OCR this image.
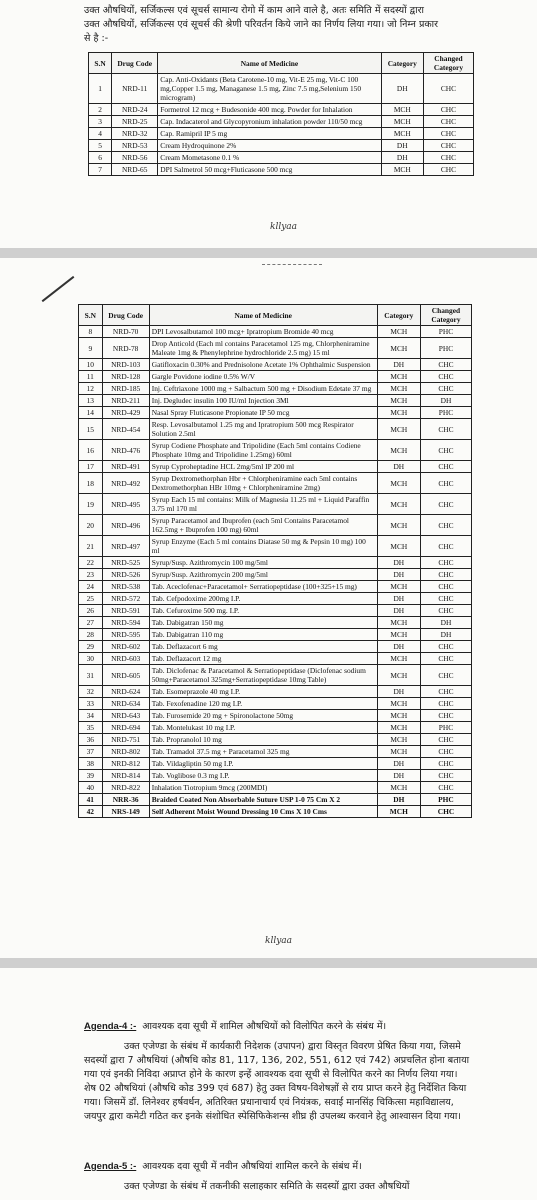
उक्त औषधियों, सर्जिकल्स एवं सूचर्स सामान्य रोगो में काम आने वाले है, अतः समिति में सदस्यों द्वारा
उक्त औषधियों, सर्जिकल्स एवं सूचर्स की श्रेणी परिवर्तन किये जाने का निर्णय लिया गया। जो निम्न प्रकार
से है :-
S.N	Drug Code	Name of Medicine	Category	Changed Category
1	NRD-11	Cap. Anti-Oxidants (Beta Carotene-10 mg, Vit-E 25 mg, Vit-C 100 mg,Copper 1.5 mg, Managanese 1.5 mg, Zinc 7.5 mg,Selenium 150 microgram)	DH	CHC
2	NRD-24	Formetrol 12 mcg + Budesonide 400 mcg. Powder for Inhalation	MCH	CHC
3	NRD-25	Cap. Indacaterol and Glycopyronium inhalation powder 110/50 mcg	MCH	CHC
4	NRD-32	Cap. Ramipril IP 5 mg	MCH	CHC
5	NRD-53	Cream Hydroquinone 2%	DH	CHC
6	NRD-56	Cream Mometasone 0.1 %	DH	CHC
7	NRD-65	DPI Salmetrol 50 mcg+Fluticasone 500 mcg	MCH	CHC
kllyaa
S.N	Drug Code	Name of Medicine	Category	Changed Category
8	NRD-70	DPI Levosalbutamol 100 mcg+ Ipratropium Bromide 40 mcg	MCH	PHC
9	NRD-78	Drop Anticold (Each ml contains Paracetamol 125 mg, Chlorpheniramine Maleate 1mg & Phenylephrine hydrochloride 2.5 mg) 15 ml	MCH	PHC
10	NRD-103	Gatifloxacin 0.30% and Prednisolone Acetate 1% Ophthalmic Suspension	DH	CHC
11	NRD-128	Gargle Povidone iodine 0.5% W/V	MCH	CHC
12	NRD-185	Inj. Ceftriaxone 1000 mg + Salbactum 500 mg + Disodium Edetate 37 mg	MCH	CHC
13	NRD-211	Inj. Degludec insulin 100 IU/ml Injection 3Ml	MCH	DH
14	NRD-429	Nasal Spray Fluticasone Propionate IP 50 mcg	MCH	PHC
15	NRD-454	Resp. Levosalbutamol 1.25 mg and Ipratropium 500 mcg Respirator Solution 2.5ml	MCH	CHC
16	NRD-476	Syrup Codiene Phosphate and Tripolidine (Each 5ml contains Codiene Phosphate 10mg and Tripolidine 1.25mg) 60ml	MCH	CHC
17	NRD-491	Syrup Cyproheptadine HCL 2mg/5ml IP 200 ml	DH	CHC
18	NRD-492	Syrup Dextromethorphan Hbr + Chlorpheniramine each 5ml contains Dextromethorphan HBr 10mg + Chlorpheniramine 2mg)	MCH	CHC
19	NRD-495	Syrup Each 15 ml contains: Milk of Magnesia 11.25 ml + Liquid Paraffin 3.75 ml 170 ml	MCH	CHC
20	NRD-496	Syrup Paracetamol and Ibuprofen (each 5ml Contains Paracetamol 162.5mg + Ibuprofen 100 mg) 60ml	MCH	CHC
21	NRD-497	Syrup Enzyme (Each 5 ml contains Diatase 50 mg & Pepsin 10 mg) 100 ml	MCH	CHC
22	NRD-525	Syrup/Susp. Azithromycin 100 mg/5ml	DH	CHC
23	NRD-526	Syrup/Susp. Azithromycin 200 mg/5ml	DH	CHC
24	NRD-538	Tab. Aceclofenac+Paracetamol+ Serratiopeptidase (100+325+15 mg)	MCH	CHC
25	NRD-572	Tab. Cefpodoxime 200mg I.P.	DH	CHC
26	NRD-591	Tab. Cefuroxime 500 mg. I.P.	DH	CHC
27	NRD-594	Tab. Dabigatran 150 mg	MCH	DH
28	NRD-595	Tab. Dabigatran 110 mg	MCH	DH
29	NRD-602	Tab. Deflazacort 6 mg	DH	CHC
30	NRD-603	Tab. Deflazacort 12 mg	MCH	CHC
31	NRD-605	Tab. Diclofenac & Paracetamol & Serratiopeptidase (Diclofenac sodium 50mg+Paracetamol 325mg+Serratiopeptidase 10mg Table)	MCH	CHC
32	NRD-624	Tab. Esomeprazole 40 mg I.P.	DH	CHC
33	NRD-634	Tab. Fexofenadine 120 mg I.P.	MCH	CHC
34	NRD-643	Tab. Furosemide 20 mg + Spironolactone 50mg	MCH	CHC
35	NRD-694	Tab. Montelukast 10 mg I.P.	MCH	PHC
36	NRD-751	Tab. Propranolol 10 mg	MCH	CHC
37	NRD-802	Tab. Tramadol 37.5 mg + Paracetamol 325 mg	MCH	CHC
38	NRD-812	Tab. Vildagliptin 50 mg I.P.	DH	CHC
39	NRD-814	Tab. Voglibose 0.3 mg I.P.	DH	CHC
40	NRD-822	Inhalation Tiotropium 9mcg (200MDI)	MCH	CHC
41	NRR-36	Braided Coated Non Absorbable Suture USP 1-0 75 Cm X 2	DH	PHC
42	NRS-149	Self Adherent Moist Wound Dressing 10 Cms X 10 Cms	MCH	CHC
kllyaa
Agenda-4 :- आवश्यक दवा सूची में शामिल औषधियों को विलोपित करने के संबंध में।
उक्त एजेण्डा के संबंध में कार्यकारी निदेशक (उपापन) द्वारा विस्तृत विवरण प्रेषित किया गया, जिसमे सदस्यों द्वारा 7 औषधियां (औषधि कोड 81, 117, 136, 202, 551, 612 एवं 742) अप्रचलित होना बताया गया एवं इनकी निविदा अप्राप्त होने के कारण इन्हें आवश्यक दवा सूची से विलोपित करने का निर्णय लिया गया। शेष 02 औषधियां (औषधि कोड 399 एवं 687) हेतु उक्त विषय-विशेषज्ञों से राय प्राप्त करने हेतु निर्देशित किया गया। जिसमें डॉ. लिनेश्वर हर्षवर्धन, अतिरिक्त प्रधानाचार्य एवं नियंत्रक, सवाई मानसिंह चिकित्सा महाविद्यालय, जयपुर द्वारा कमेटी गठित कर इनके संशोधित स्पेसिफिकेशन्स शीघ्र ही उपलब्ध करवाने हेतु आश्वासन दिया गया।
Agenda-5 :- आवश्यक दवा सूची में नवीन औषधियां शामिल करने के संबंध में।
उक्त एजेण्डा के संबंध में तकनीकी सलाहकार समिति के सदस्यों द्वारा उक्त औषधियों
